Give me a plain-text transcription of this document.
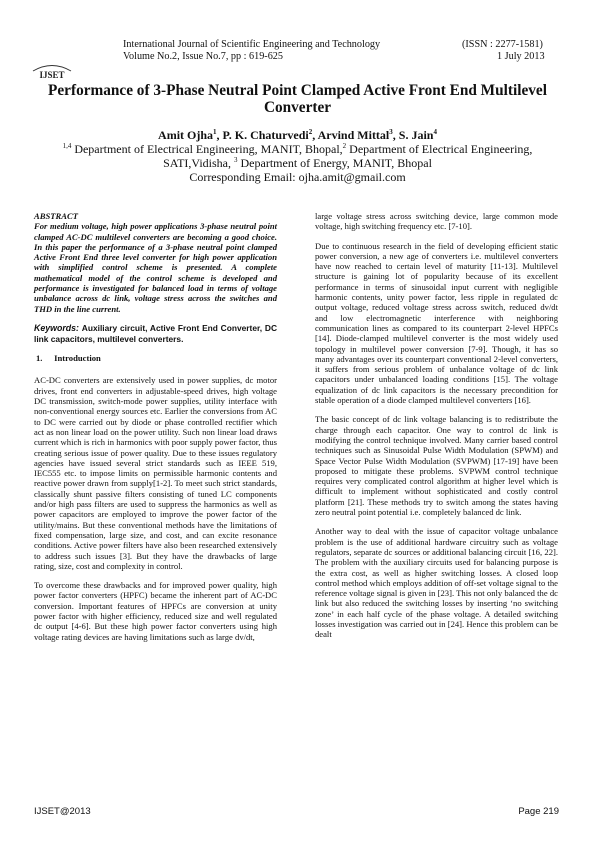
International Journal of Scientific Engineering and Technology
Volume No.2, Issue No.7, pp : 619-625
(ISSN : 2277-1581)
1 July 2013
IJSET
Performance of 3-Phase Neutral Point Clamped Active Front End Multilevel
Converter
Amit Ojha$^1$, P. K. Chaturvedi$^2$, Arvind Mittal$^3$, S. Jain$^4$
$^{1,4}$ Department of Electrical Engineering, MANIT, Bhopal,$^2$ Department of Electrical Engineering,
SATI,Vidisha, $^3$ Department of Energy, MANIT, Bhopal
Corresponding Email: ojha.amit@gmail.com
ABSTRACT

For medium voltage, high power applications 3-phase neutral point clamped AC-DC multilevel converters are becoming a good choice. In this paper the performance of a 3-phase neutral point clamped Active Front End three level converter for high power application with simplified control scheme is presented. A complete mathematical model of the control scheme is developed and performance is investigated for balanced load in terms of voltage unbalance across dc link, voltage stress across the switches and THD in the line current.

Keywords: Auxiliary circuit, Active Front End Converter, DC link capacitors, multilevel converters.

1. Introduction

AC-DC converters are extensively used in power supplies, dc motor drives, front end converters in adjustable-speed drives, high voltage DC transmission, switch-mode power supplies, utility interface with non-conventional energy sources etc. Earlier the conversions from AC to DC were carried out by diode or phase controlled rectifier which act as non linear load on the power utility. Such non linear load draws current which is rich in harmonics with poor supply power factor, thus creating serious issue of power quality. Due to these issues regulatory agencies have issued several strict standards such as IEEE 519, IEC555 etc. to impose limits on permissible harmonic contents and reactive power drawn from supply[1-2]. To meet such strict standards, classically shunt passive filters consisting of tuned LC components and/or high pass filters are used to suppress the harmonics as well as power capacitors are employed to improve the power factor of the utility/mains. But these conventional methods have the limitations of fixed compensation, large size, and cost, and can excite resonance conditions. Active power filters have also been researched extensively to address such issues [3]. But they have the drawbacks of large rating, size, cost and complexity in control.

To overcome these drawbacks and for improved power quality, high power factor converters (HPFC) became the inherent part of AC-DC conversion. Important features of HPFCs are conversion at unity power factor with higher efficiency, reduced size and well regulated dc output [4-6]. But these high power factor converters using high voltage rating devices are having limitations such as large dv/dt,

large voltage stress across switching device, large common mode voltage, high switching frequency etc. [7-10].

Due to continuous research in the field of developing efficient static power conversion, a new age of converters i.e. multilevel converters have now reached to certain level of maturity [11-13]. Multilevel structure is gaining lot of popularity because of its excellent performance in terms of sinusoidal input current with negligible harmonic contents, unity power factor, less ripple in regulated dc output voltage, reduced voltage stress across switch, reduced dv/dt and low electromagnetic interference with neighboring communication lines as compared to its counterpart 2-level HPFCs [14]. Diode-clamped multilevel converter is the most widely used topology in multilevel power conversion [7-9]. Though, it has so many advantages over its counterpart conventional 2-level converters, it suffers from serious problem of unbalance voltage of dc link capacitors under unbalanced loading conditions [15]. The voltage equalization of dc link capacitors is the necessary precondition for stable operation of a diode clamped multilevel converters [16].

The basic concept of dc link voltage balancing is to redistribute the charge through each capacitor. One way to control dc link is modifying the control technique involved. Many carrier based control techniques such as Sinusoidal Pulse Width Modulation (SPWM) and Space Vector Pulse Width Modulation (SVPWM) [17-19] have been proposed to mitigate these problems. SVPWM control technique requires very complicated control algorithm at higher level which is difficult to implement without sophisticated and costly control platform [21]. These methods try to switch among the states having zero neutral point potential i.e. completely balanced dc link.

Another way to deal with the issue of capacitor voltage unbalance problem is the use of additional hardware circuitry such as voltage regulators, separate dc sources or additional balancing circuit [16, 22]. The problem with the auxiliary circuits used for balancing purpose is the extra cost, as well as higher switching losses. A closed loop control method which employs addition of off-set voltage signal to the reference voltage signal is given in [23]. This not only balanced the dc link but also reduced the switching losses by inserting ‘no switching zone’ in each half cycle of the phase voltage. A detailed switching losses investigation was carried out in [24]. Hence this problem can be dealt

IJSET@2013	Page 219
